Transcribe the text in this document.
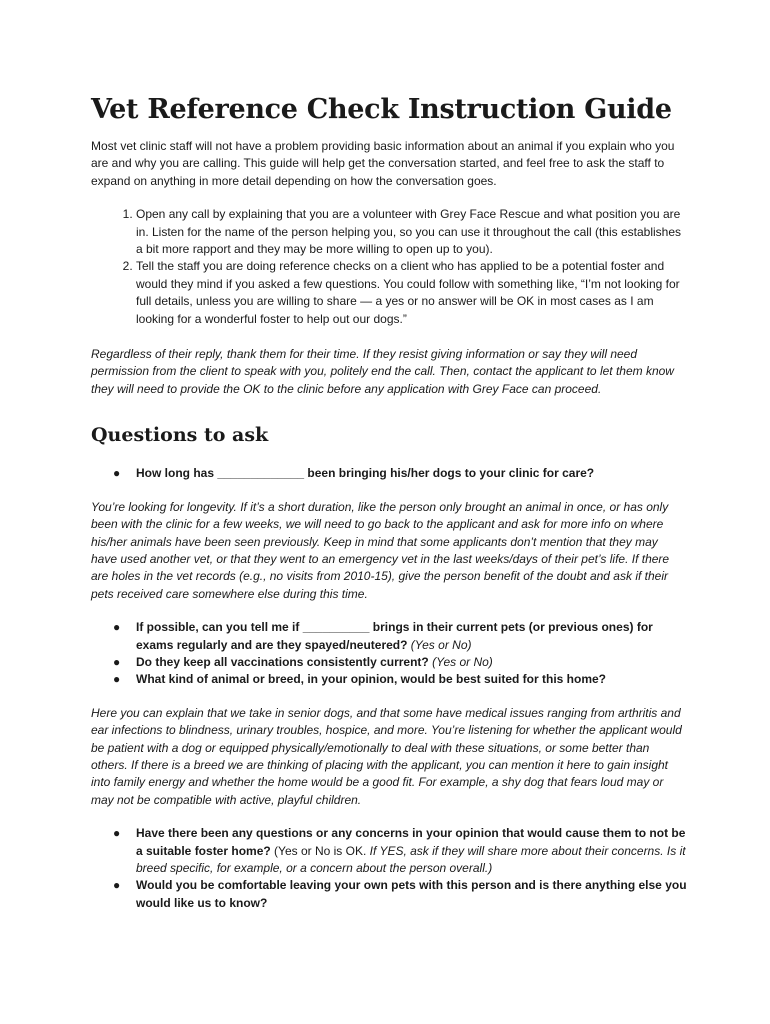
Vet Reference Check Instruction Guide

Most vet clinic staff will not have a problem providing basic information about an animal if you explain who you are and why you are calling. This guide will help get the conversation started, and feel free to ask the staff to expand on anything in more detail depending on how the conversation goes.

1. Open any call by explaining that you are a volunteer with Grey Face Rescue and what position you are in. Listen for the name of the person helping you, so you can use it throughout the call (this establishes a bit more rapport and they may be more willing to open up to you).
2. Tell the staff you are doing reference checks on a client who has applied to be a potential foster and would they mind if you asked a few questions. You could follow with something like, “I’m not looking for full details, unless you are willing to share — a yes or no answer will be OK in most cases as I am looking for a wonderful foster to help out our dogs.”

Regardless of their reply, thank them for their time. If they resist giving information or say they will need permission from the client to speak with you, politely end the call. Then, contact the applicant to let them know they will need to provide the OK to the clinic before any application with Grey Face can proceed.

Questions to ask
● How long has _____________ been bringing his/her dogs to your clinic for care?

You’re looking for longevity. If it’s a short duration, like the person only brought an animal in once, or has only been with the clinic for a few weeks, we will need to go back to the applicant and ask for more info on where his/her animals have been seen previously. Keep in mind that some applicants don’t mention that they may have used another vet, or that they went to an emergency vet in the last weeks/days of their pet’s life. If there are holes in the vet records (e.g., no visits from 2010-15), give the person benefit of the doubt and ask if their pets received care somewhere else during this time.

● If possible, can you tell me if __________ brings in their current pets (or previous ones) for exams regularly and are they spayed/neutered? (Yes or No)
● Do they keep all vaccinations consistently current? (Yes or No)
● What kind of animal or breed, in your opinion, would be best suited for this home?

Here you can explain that we take in senior dogs, and that some have medical issues ranging from arthritis and ear infections to blindness, urinary troubles, hospice, and more. You’re listening for whether the applicant would be patient with a dog or equipped physically/emotionally to deal with these situations, or some better than others. If there is a breed we are thinking of placing with the applicant, you can mention it here to gain insight into family energy and whether the home would be a good fit. For example, a shy dog that fears loud may or may not be compatible with active, playful children.

● Have there been any questions or any concerns in your opinion that would cause them to not be a suitable foster home? (Yes or No is OK. If YES, ask if they will share more about their concerns. Is it breed specific, for example, or a concern about the person overall.)
● Would you be comfortable leaving your own pets with this person and is there anything else you would like us to know?
